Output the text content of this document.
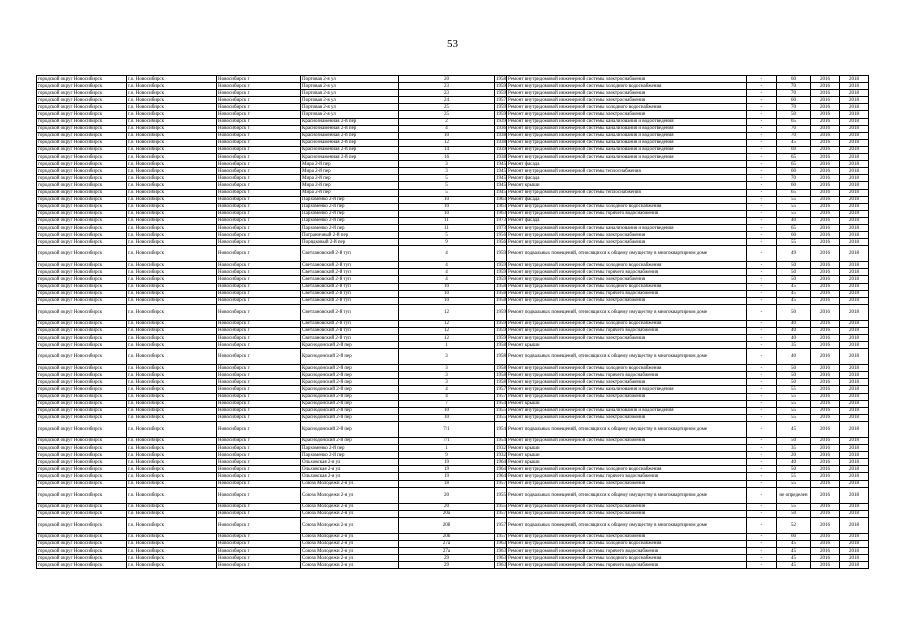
53
городской округ Новосибирск	г.о. Новосибирск	Новосибирск г	Портовая 2-я ул	20	1958	Ремонт внутридомовой инженерной системы электроснабжения	-	60	2016	2018
городской округ Новосибирск	г.о. Новосибирск	Новосибирск г	Портовая 2-я ул	23	1959	Ремонт внутридомовой инженерной системы холодного водоснабжения	-	70	2016	2018
городской округ Новосибирск	г.о. Новосибирск	Новосибирск г	Портовая 2-я ул	23	1959	Ремонт внутридомовой инженерной системы электроснабжения	-	70	2016	2018
городской округ Новосибирск	г.о. Новосибирск	Новосибирск г	Портовая 2-я ул	24	1957	Ремонт внутридомовой инженерной системы электроснабжения	-	60	2016	2018
городской округ Новосибирск	г.о. Новосибирск	Новосибирск г	Портовая 2-я ул	25	1959	Ремонт внутридомовой инженерной системы холодного водоснабжения	-	70	2016	2018
городской округ Новосибирск	г.о. Новосибирск	Новосибирск г	Портовая 2-я ул	25	1959	Ремонт внутридомовой инженерной системы электроснабжения	-	50	2016	2018
городской округ Новосибирск	г.о. Новосибирск	Новосибирск г	Краснознаменная 2-й пер	2	1939	Ремонт внутридомовой инженерной системы канализования и водоотведения	-	65	2016	2018
городской округ Новосибирск	г.о. Новосибирск	Новосибирск г	Краснознаменная 2-й пер	4	1936	Ремонт внутридомовой инженерной системы канализования и водоотведения	-	70	2016	2018
городской округ Новосибирск	г.о. Новосибирск	Новосибирск г	Краснознаменная 2-й пер	10	1938	Ремонт внутридомовой инженерной системы канализования и водоотведения	-	70	2016	2018
городской округ Новосибирск	г.о. Новосибирск	Новосибирск г	Краснознаменная 2-й пер	12	1938	Ремонт внутридомовой инженерной системы канализования и водоотведения	-	45	2016	2018
городской округ Новосибирск	г.о. Новосибирск	Новосибирск г	Краснознаменная 2-й пер	14	1939	Ремонт внутридомовой инженерной системы канализования и водоотведения	-	69	2016	2018
городской округ Новосибирск	г.о. Новосибирск	Новосибирск г	Краснознаменная 2-й пер	16	1938	Ремонт внутридомовой инженерной системы канализования и водоотведения	-	65	2016	2018
городской округ Новосибирск	г.о. Новосибирск	Новосибирск г	Мира 2-й пер	3	1945	Ремонт фасада	-	65	2016	2018
городской округ Новосибирск	г.о. Новосибирск	Новосибирск г	Мира 2-й пер	3	1945	Ремонт внутридомовой инженерной системы теплоснабжения	-	60	2016	2018
городской округ Новосибирск	г.о. Новосибирск	Новосибирск г	Мира 2-й пер	5	1945	Ремонт фасада	-	70	2016	2018
городской округ Новосибирск	г.о. Новосибирск	Новосибирск г	Мира 2-й пер	5	1945	Ремонт крыши	-	60	2016	2018
городской округ Новосибирск	г.о. Новосибирск	Новосибирск г	Мира 2-й пер	5	1945	Ремонт внутридомовой инженерной системы теплоснабжения	-	65	2016	2018
городской округ Новосибирск	г.о. Новосибирск	Новосибирск г	Пархоменко 2-й пер	10	1963	Ремонт фасада	-	55	2016	2018
городской округ Новосибирск	г.о. Новосибирск	Новосибирск г	Пархоменко 2-й пер	10	1963	Ремонт внутридомовой инженерной системы холодного водоснабжения	-	55	2016	2018
городской округ Новосибирск	г.о. Новосибирск	Новосибирск г	Пархоменко 2-й пер	10	1963	Ремонт внутридомовой инженерной системы горячего водоснабжения	-	55	2016	2018
городской округ Новосибирск	г.о. Новосибирск	Новосибирск г	Пархоменко 2-й пер	11	1973	Ремонт фасада	-	40	2016	2018
городской округ Новосибирск	г.о. Новосибирск	Новосибирск г	Пархоменко 2-й пер	11	1973	Ремонт внутридомовой инженерной системы канализования и водоотведения	-	65	2016	2018
городской округ Новосибирск	г.о. Новосибирск	Новосибирск г	Пограничный 2-й пер	5	1956	Ремонт внутридомовой инженерной системы электроснабжения	-	60	2016	2018
городской округ Новосибирск	г.о. Новосибирск	Новосибирск г	Порядковый 2-й пер	9	1956	Ремонт внутридомовой инженерной системы электроснабжения	-	55	2016	2018
городской округ Новосибирск	г.о. Новосибирск	Новосибирск г	Светлановский 2-й туп	4	1959	Ремонт подвальных помещений, относящихся к общему имуществу в многоквартирном доме	-	49	2016	2018
городской округ Новосибирск	г.о. Новосибирск	Новосибирск г	Светлановский 2-й туп	4	1959	Ремонт внутридомовой инженерной системы холодного водоснабжения	-	50	2016	2018
городской округ Новосибирск	г.о. Новосибирск	Новосибирск г	Светлановский 2-й туп	4	1959	Ремонт внутридомовой инженерной системы горячего водоснабжения	-	50	2016	2018
городской округ Новосибирск	г.о. Новосибирск	Новосибирск г	Светлановский 2-й туп	4	1959	Ремонт внутридомовой инженерной системы электроснабжения	-	50	2016	2018
городской округ Новосибирск	г.о. Новосибирск	Новосибирск г	Светлановский 2-й туп	10	1958	Ремонт внутридомовой инженерной системы холодного водоснабжения	-	45	2016	2018
городской округ Новосибирск	г.о. Новосибирск	Новосибирск г	Светлановский 2-й туп	10	1958	Ремонт внутридомовой инженерной системы горячего водоснабжения	-	45	2016	2018
городской округ Новосибирск	г.о. Новосибирск	Новосибирск г	Светлановский 2-й туп	10	1958	Ремонт внутридомовой инженерной системы электроснабжения	-	45	2016	2018
городской округ Новосибирск	г.о. Новосибирск	Новосибирск г	Светлановский 2-й туп	12	1959	Ремонт подвальных помещений, относящихся к общему имуществу в многоквартирном доме	-	50	2016	2018
городской округ Новосибирск	г.о. Новосибирск	Новосибирск г	Светлановский 2-й туп	12	1959	Ремонт внутридомовой инженерной системы холодного водоснабжения	-	40	2016	2018
городской округ Новосибирск	г.о. Новосибирск	Новосибирск г	Светлановский 2-й туп	12	1959	Ремонт внутридомовой инженерной системы горячего водоснабжения	-	40	2016	2018
городской округ Новосибирск	г.о. Новосибирск	Новосибирск г	Светлановский 2-й туп	12	1959	Ремонт внутридомовой инженерной системы электроснабжения	-	40	2016	2018
городской округ Новосибирск	г.о. Новосибирск	Новосибирск г	Краснодонский 2-й пер	1	1958	Ремонт крыши	-	35	2016	2018
городской округ Новосибирск	г.о. Новосибирск	Новосибирск г	Краснодонский 2-й пер	3	1958	Ремонт подвальных помещений, относящихся к общему имуществу в многоквартирном доме	-	40	2016	2018
городской округ Новосибирск	г.о. Новосибирск	Новосибирск г	Краснодонский 2-й пер	3	1958	Ремонт внутридомовой инженерной системы холодного водоснабжения	-	50	2016	2018
городской округ Новосибирск	г.о. Новосибирск	Новосибирск г	Краснодонский 2-й пер	3	1958	Ремонт внутридомовой инженерной системы горячего водоснабжения	-	50	2016	2018
городской округ Новосибирск	г.о. Новосибирск	Новосибирск г	Краснодонский 2-й пер	3	1958	Ремонт внутридомовой инженерной системы электроснабжения	-	50	2016	2018
городской округ Новосибирск	г.о. Новосибирск	Новосибирск г	Краснодонский 2-й пер	4	1957	Ремонт внутридомовой инженерной системы канализования и водоотведения	-	55	2016	2018
городской округ Новосибирск	г.о. Новосибирск	Новосибирск г	Краснодонский 2-й пер	4	1957	Ремонт внутридомовой инженерной системы электроснабжения	-	55	2016	2018
городской округ Новосибирск	г.о. Новосибирск	Новосибирск г	Краснодонский 2-й пер	7	1954	Ремонт крыши	-	55	2016	2018
городской округ Новосибирск	г.о. Новосибирск	Новосибирск г	Краснодонский 2-й пер	10	1955	Ремонт внутридомовой инженерной системы канализования и водоотведения	-	55	2016	2018
городской округ Новосибирск	г.о. Новосибирск	Новосибирск г	Краснодонский 2-й пер	10	1955	Ремонт внутридомовой инженерной системы электроснабжения	-	55	2016	2018
городской округ Новосибирск	г.о. Новосибирск	Новосибирск г	Краснодонский 2-й пер	7/1	1954	Ремонт подвальных помещений, относящихся к общему имуществу в многоквартирном доме	-	45	2016	2018
городской округ Новосибирск	г.о. Новосибирск	Новосибирск г	Краснодонский 2-й пер	7/1	1954	Ремонт внутридомовой инженерной системы электроснабжения	-	50	2016	2018
городской округ Новосибирск	г.о. Новосибирск	Новосибирск г	Пархоменко 2-й пер	1	1932	Ремонт крыши	-	35	2016	2018
городской округ Новосибирск	г.о. Новосибирск	Новосибирск г	Пархоменко 2-й пер	9	1932	Ремонт крыши	-	20	2016	2018
городской округ Новосибирск	г.о. Новосибирск	Новосибирск г	Ольховская 2-я ул	19	1964	Ремонт крыши	-	40	2016	2018
городской округ Новосибирск	г.о. Новосибирск	Новосибирск г	Ольховская 2-я ул	19	1964	Ремонт внутридомовой инженерной системы холодного водоснабжения	-	50	2016	2018
городской округ Новосибирск	г.о. Новосибирск	Новосибирск г	Ольховская 2-я ул	19	1964	Ремонт внутридомовой инженерной системы горячего водоснабжения	-	55	2016	2018
городской округ Новосибирск	г.о. Новосибирск	Новосибирск г	Союза Молодежи 2-я ул	18	1957	Ремонт внутридомовой инженерной системы электроснабжения	-	55	2016	2018
городской округ Новосибирск	г.о. Новосибирск	Новосибирск г	Союза Молодежи 2-я ул	20	1955	Ремонт подвальных помещений, относящихся к общему имуществу в многоквартирном доме	-	не определен	2016	2018
городской округ Новосибирск	г.о. Новосибирск	Новосибирск г	Союза Молодежи 2-я ул	20	1955	Ремонт внутридомовой инженерной системы электроснабжения	-	55	2016	2018
городской округ Новосибирск	г.о. Новосибирск	Новосибирск г	Союза Молодежи 2-я ул	20а	1957	Ремонт внутридомовой инженерной системы электроснабжения	-	50	2016	2018
городской округ Новосибирск	г.о. Новосибирск	Новосибирск г	Союза Молодежи 2-я ул	20б	1957	Ремонт подвальных помещений, относящихся к общему имуществу в многоквартирном доме	-	52	2016	2018
городской округ Новосибирск	г.о. Новосибирск	Новосибирск г	Союза Молодежи 2-я ул	20б	1957	Ремонт внутридомовой инженерной системы электроснабжения	-	60	2016	2018
городской округ Новосибирск	г.о. Новосибирск	Новосибирск г	Союза Молодежи 2-я ул	27а	1963	Ремонт внутридомовой инженерной системы холодного водоснабжения	-	45	2016	2018
городской округ Новосибирск	г.о. Новосибирск	Новосибирск г	Союза Молодежи 2-я ул	27а	1963	Ремонт внутридомовой инженерной системы горячего водоснабжения	-	45	2016	2018
городской округ Новосибирск	г.о. Новосибирск	Новосибирск г	Союза Молодежи 2-я ул	29	1963	Ремонт внутридомовой инженерной системы холодного водоснабжения	-	45	2016	2018
городской округ Новосибирск	г.о. Новосибирск	Новосибирск г	Союза Молодежи 2-я ул	29	1963	Ремонт внутридомовой инженерной системы горячего водоснабжения	-	45	2016	2018
